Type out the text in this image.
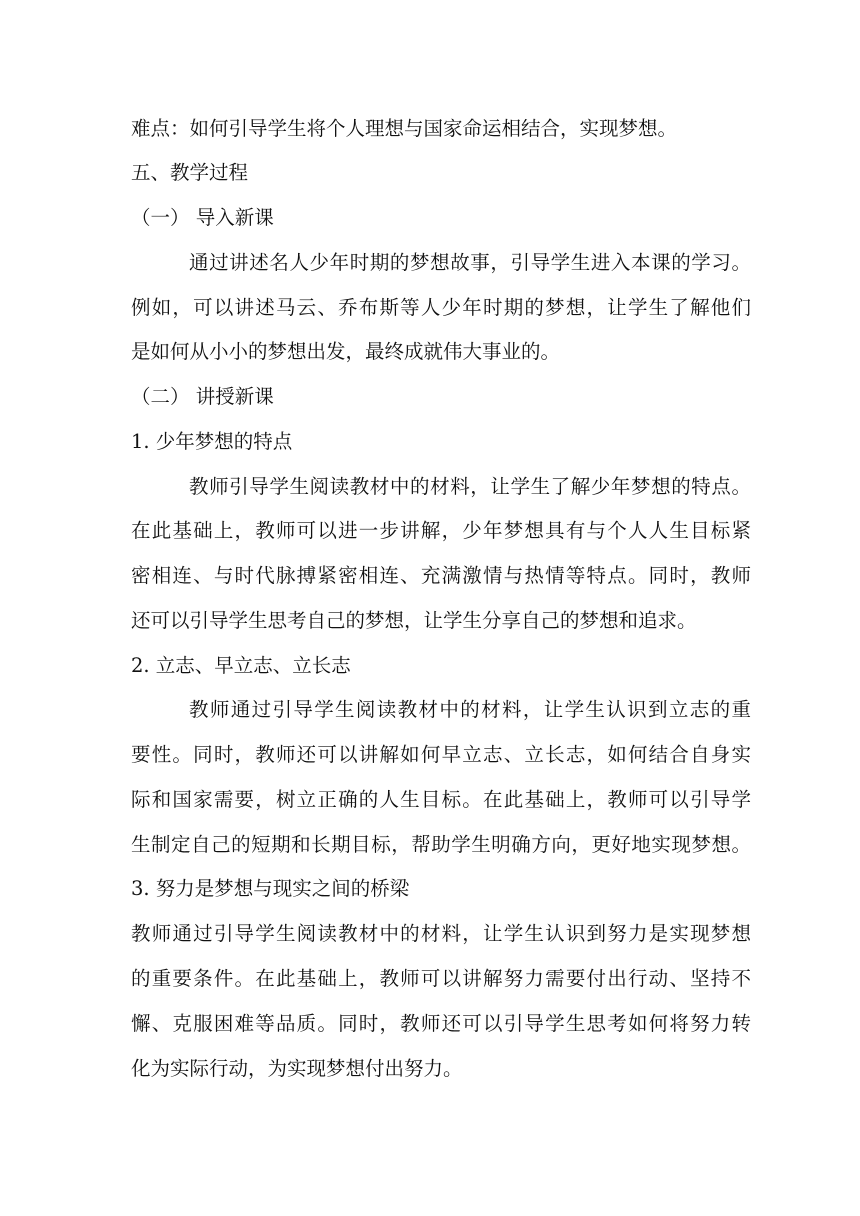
难点：如何引导学生将个人理想与国家命运相结合，实现梦想。
五、教学过程
（一） 导入新课
通过讲述名人少年时期的梦想故事，引导学生进入本课的学习。
例如，可以讲述马云、乔布斯等人少年时期的梦想，让学生了解他们
是如何从小小的梦想出发，最终成就伟大事业的。
（二） 讲授新课
1. 少年梦想的特点
教师引导学生阅读教材中的材料，让学生了解少年梦想的特点。
在此基础上，教师可以进一步讲解，少年梦想具有与个人人生目标紧
密相连、与时代脉搏紧密相连、充满激情与热情等特点。同时，教师
还可以引导学生思考自己的梦想，让学生分享自己的梦想和追求。
2. 立志、早立志、立长志
教师通过引导学生阅读教材中的材料，让学生认识到立志的重
要性。同时，教师还可以讲解如何早立志、立长志，如何结合自身实
际和国家需要，树立正确的人生目标。在此基础上，教师可以引导学
生制定自己的短期和长期目标，帮助学生明确方向，更好地实现梦想。
3. 努力是梦想与现实之间的桥梁
教师通过引导学生阅读教材中的材料，让学生认识到努力是实现梦想
的重要条件。在此基础上，教师可以讲解努力需要付出行动、坚持不
懈、克服困难等品质。同时，教师还可以引导学生思考如何将努力转
化为实际行动，为实现梦想付出努力。
